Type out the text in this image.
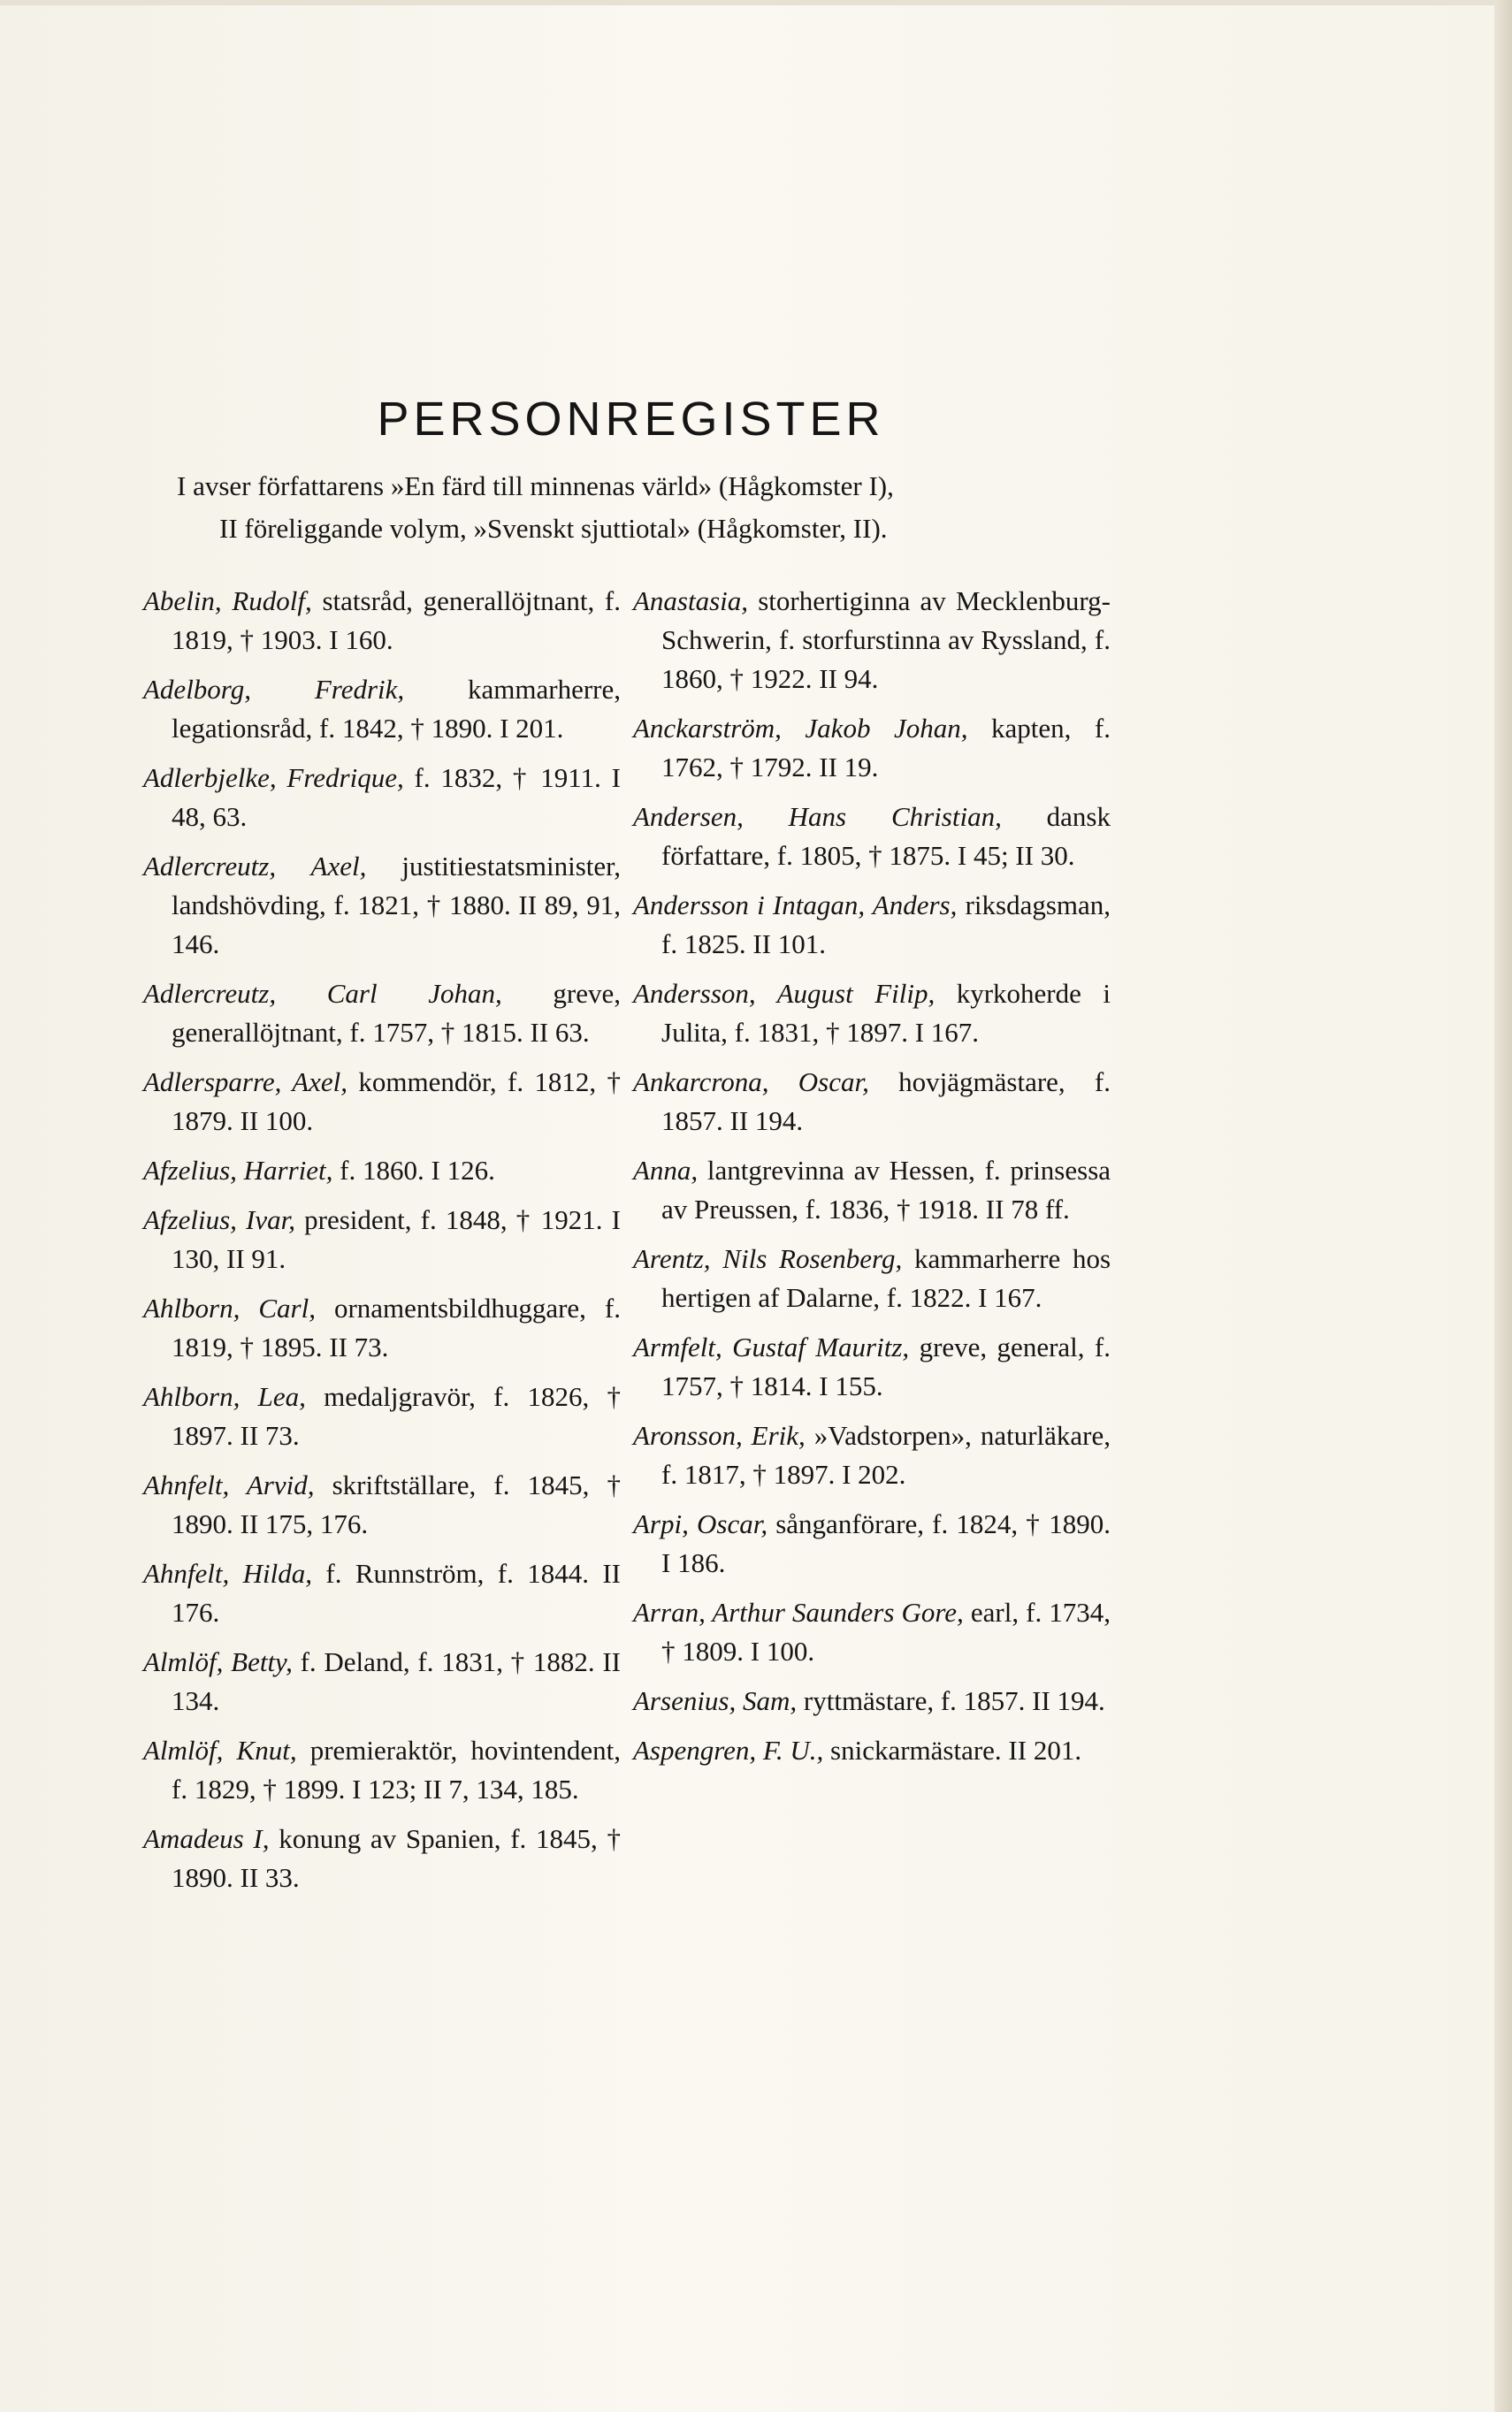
PERSONREGISTER

I avser författarens »En färd till minnenas värld» (Hågkomster I),

II föreliggande volym, »Svenskt sjuttiotal» (Hågkomster, II).

Abelin, Rudolf, statsråd, generallöjtnant, f. 1819, † 1903. I 160.

Adelborg, Fredrik, kammarherre, legationsråd, f. 1842, † 1890. I 201.

Adlerbjelke, Fredrique, f. 1832, † 1911. I 48, 63.

Adlercreutz, Axel, justitiestatsminister, landshövding, f. 1821, † 1880. II 89, 91, 146.

Adlercreutz, Carl Johan, greve, generallöjtnant, f. 1757, † 1815. II 63.

Adlersparre, Axel, kommendör, f. 1812, † 1879. II 100.

Afzelius, Harriet, f. 1860. I 126.

Afzelius, Ivar, president, f. 1848, † 1921. I 130, II 91.

Ahlborn, Carl, ornamentsbildhuggare, f. 1819, † 1895. II 73.

Ahlborn, Lea, medaljgravör, f. 1826, † 1897. II 73.

Ahnfelt, Arvid, skriftställare, f. 1845, † 1890. II 175, 176.

Ahnfelt, Hilda, f. Runnström, f. 1844. II 176.

Almlöf, Betty, f. Deland, f. 1831, † 1882. II 134.

Almlöf, Knut, premieraktör, hovintendent, f. 1829, † 1899. I 123; II 7, 134, 185.

Amadeus I, konung av Spanien, f. 1845, † 1890. II 33.

Anastasia, storhertiginna av Mecklenburg-Schwerin, f. storfurstinna av Ryssland, f. 1860, † 1922. II 94.

Anckarström, Jakob Johan, kapten, f. 1762, † 1792. II 19.

Andersen, Hans Christian, dansk författare, f. 1805, † 1875. I 45; II 30.

Andersson i Intagan, Anders, riksdagsman, f. 1825. II 101.

Andersson, August Filip, kyrkoherde i Julita, f. 1831, † 1897. I 167.

Ankarcrona, Oscar, hovjägmästare, f. 1857. II 194.

Anna, lantgrevinna av Hessen, f. prinsessa av Preussen, f. 1836, † 1918. II 78 ff.

Arentz, Nils Rosenberg, kammarherre hos hertigen af Dalarne, f. 1822. I 167.

Armfelt, Gustaf Mauritz, greve, general, f. 1757, † 1814. I 155.

Aronsson, Erik, »Vadstorpen», naturläkare, f. 1817, † 1897. I 202.

Arpi, Oscar, sånganförare, f. 1824, † 1890. I 186.

Arran, Arthur Saunders Gore, earl, f. 1734, † 1809. I 100.

Arsenius, Sam, ryttmästare, f. 1857. II 194.

Aspengren, F. U., snickarmästare. II 201.
